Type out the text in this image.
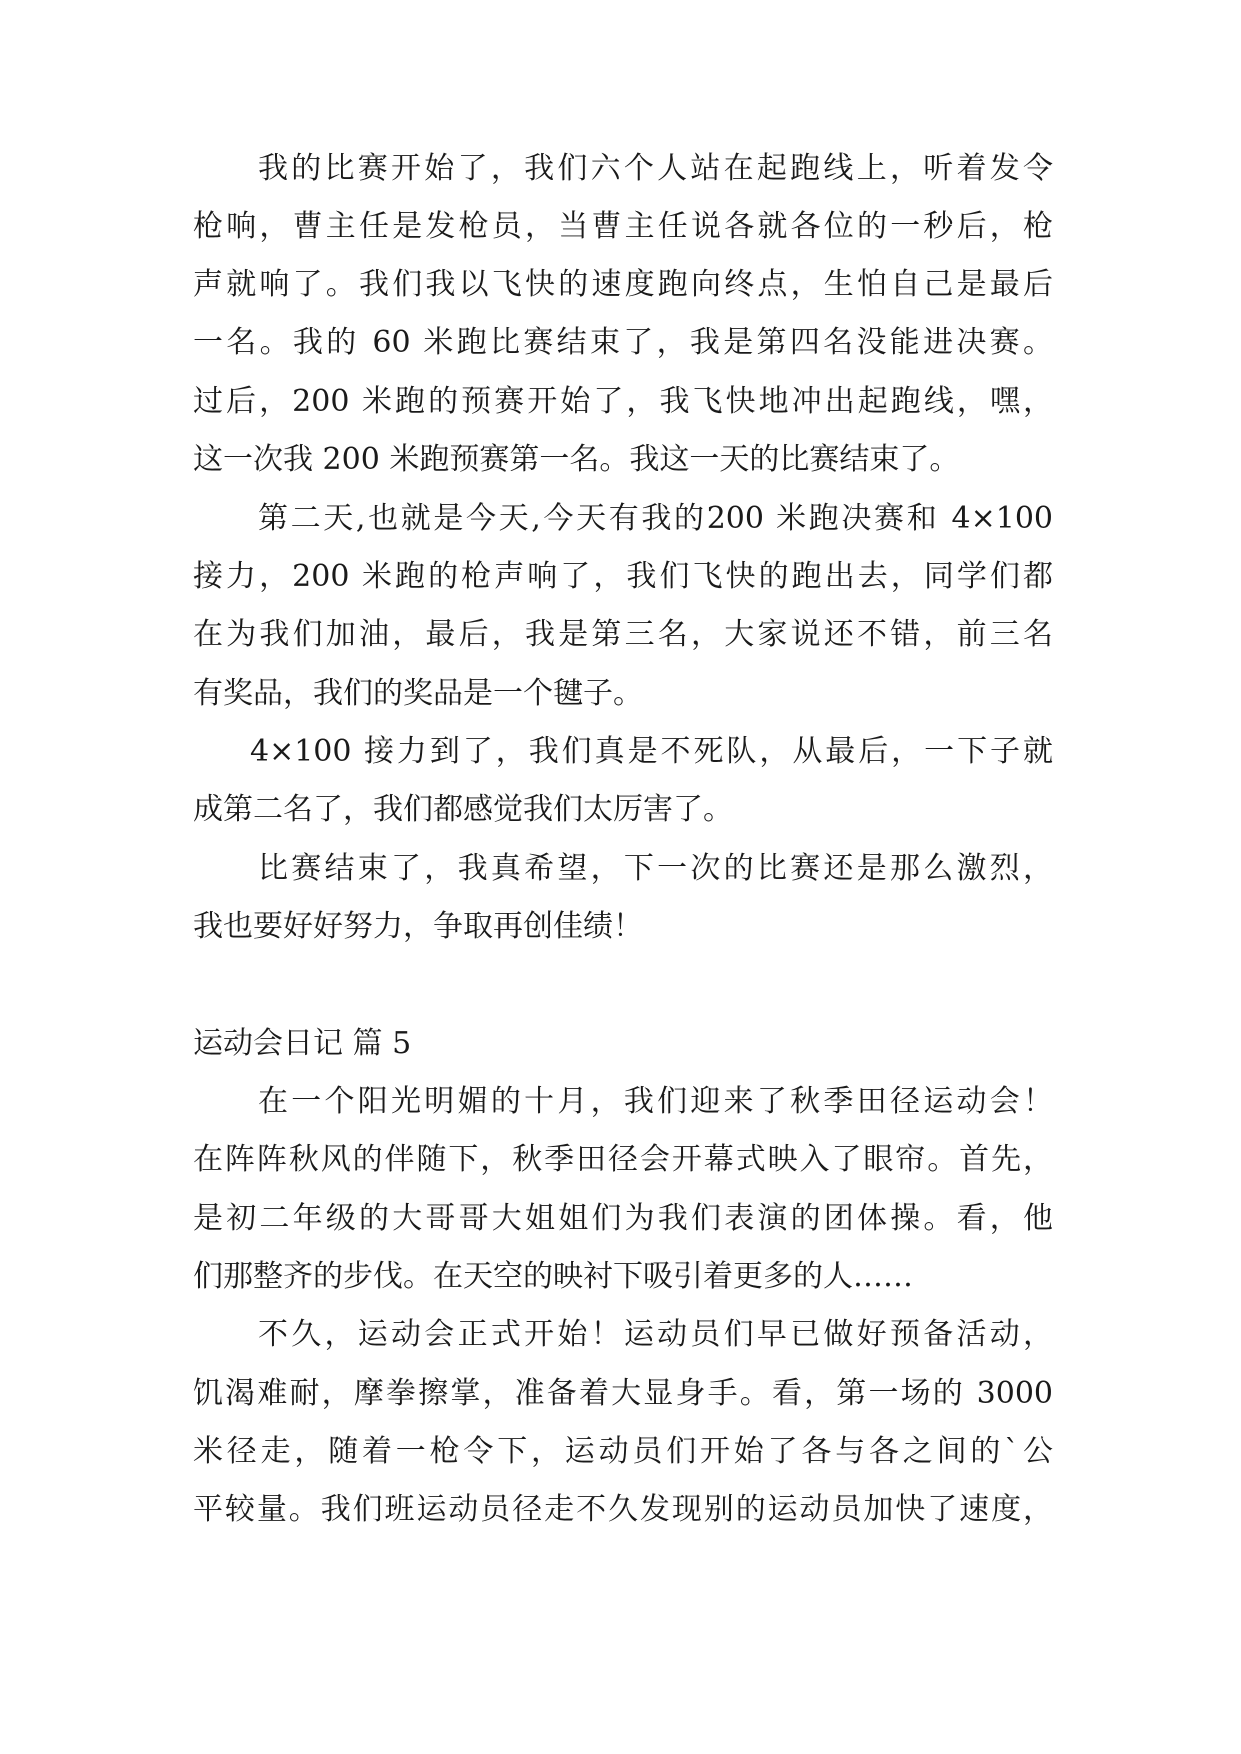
我的比赛开始了，我们六个人站在起跑线上，听着发令

枪响，曹主任是发枪员，当曹主任说各就各位的一秒后，枪

声就响了。我们我以飞快的速度跑向终点，生怕自己是最后

一名。我的 60 米跑比赛结束了，我是第四名没能进决赛。

过后，200 米跑的预赛开始了，我飞快地冲出起跑线，嘿，

这一次我 200 米跑预赛第一名。我这一天的比赛结束了。

第二天,也就是今天,今天有我的200 米跑决赛和 4×100

接力，200 米跑的枪声响了，我们飞快的跑出去，同学们都

在为我们加油，最后，我是第三名，大家说还不错，前三名

有奖品，我们的奖品是一个毽子。

4×100 接力到了，我们真是不死队，从最后，一下子就

成第二名了，我们都感觉我们太厉害了。

比赛结束了，我真希望，下一次的比赛还是那么激烈，

我也要好好努力，争取再创佳绩！

运动会日记 篇 5

在一个阳光明媚的十月，我们迎来了秋季田径运动会！

在阵阵秋风的伴随下，秋季田径会开幕式映入了眼帘。首先，

是初二年级的大哥哥大姐姐们为我们表演的团体操。看，他

们那整齐的步伐。在天空的映衬下吸引着更多的人……

不久，运动会正式开始！运动员们早已做好预备活动，

饥渴难耐，摩拳擦掌，准备着大显身手。看，第一场的 3000

米径走，随着一枪令下，运动员们开始了各与各之间的`公

平较量。我们班运动员径走不久发现别的运动员加快了速度，
